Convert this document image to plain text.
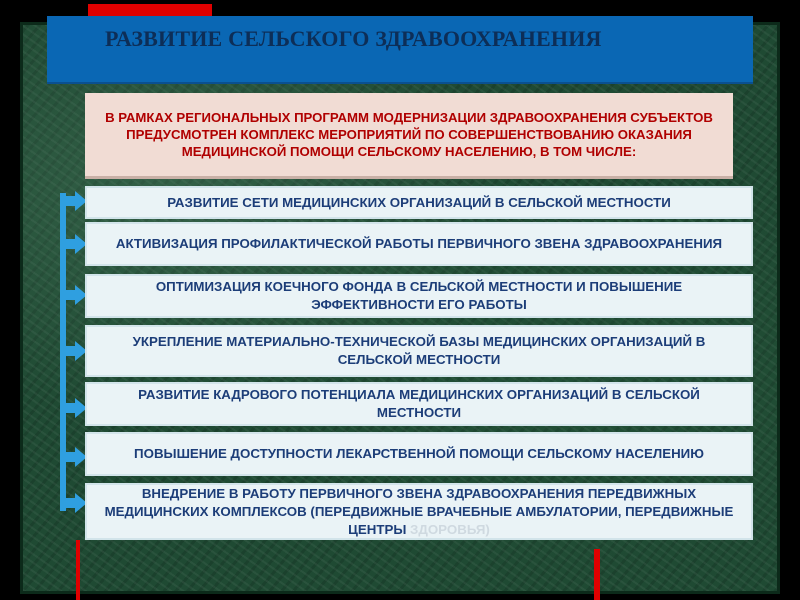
РАЗВИТИЕ СЕЛЬСКОГО ЗДРАВООХРАНЕНИЯ
В РАМКАХ РЕГИОНАЛЬНЫХ ПРОГРАММ МОДЕРНИЗАЦИИ ЗДРАВООХРАНЕНИЯ СУБЪЕКТОВ ПРЕДУСМОТРЕН КОМПЛЕКС МЕРОПРИЯТИЙ ПО СОВЕРШЕНСТВОВАНИЮ ОКАЗАНИЯ МЕДИЦИНСКОЙ ПОМОЩИ СЕЛЬСКОМУ НАСЕЛЕНИЮ, В ТОМ ЧИСЛЕ:
РАЗВИТИЕ СЕТИ МЕДИЦИНСКИХ ОРГАНИЗАЦИЙ В СЕЛЬСКОЙ МЕСТНОСТИ
АКТИВИЗАЦИЯ ПРОФИЛАКТИЧЕСКОЙ РАБОТЫ ПЕРВИЧНОГО ЗВЕНА ЗДРАВООХРАНЕНИЯ
ОПТИМИЗАЦИЯ КОЕЧНОГО ФОНДА В СЕЛЬСКОЙ МЕСТНОСТИ И ПОВЫШЕНИЕ ЭФФЕКТИВНОСТИ ЕГО РАБОТЫ
УКРЕПЛЕНИЕ МАТЕРИАЛЬНО-ТЕХНИЧЕСКОЙ БАЗЫ МЕДИЦИНСКИХ ОРГАНИЗАЦИЙ В СЕЛЬСКОЙ МЕСТНОСТИ
РАЗВИТИЕ КАДРОВОГО ПОТЕНЦИАЛА МЕДИЦИНСКИХ ОРГАНИЗАЦИЙ В СЕЛЬСКОЙ МЕСТНОСТИ
ПОВЫШЕНИЕ ДОСТУПНОСТИ ЛЕКАРСТВЕННОЙ ПОМОЩИ СЕЛЬСКОМУ НАСЕЛЕНИЮ
ВНЕДРЕНИЕ В РАБОТУ ПЕРВИЧНОГО ЗВЕНА ЗДРАВООХРАНЕНИЯ ПЕРЕДВИЖНЫХ МЕДИЦИНСКИХ КОМПЛЕКСОВ (ПЕРЕДВИЖНЫЕ ВРАЧЕБНЫЕ АМБУЛАТОРИИ, ПЕРЕДВИЖНЫЕ ЦЕНТРЫ ЗДОРОВЬЯ)
